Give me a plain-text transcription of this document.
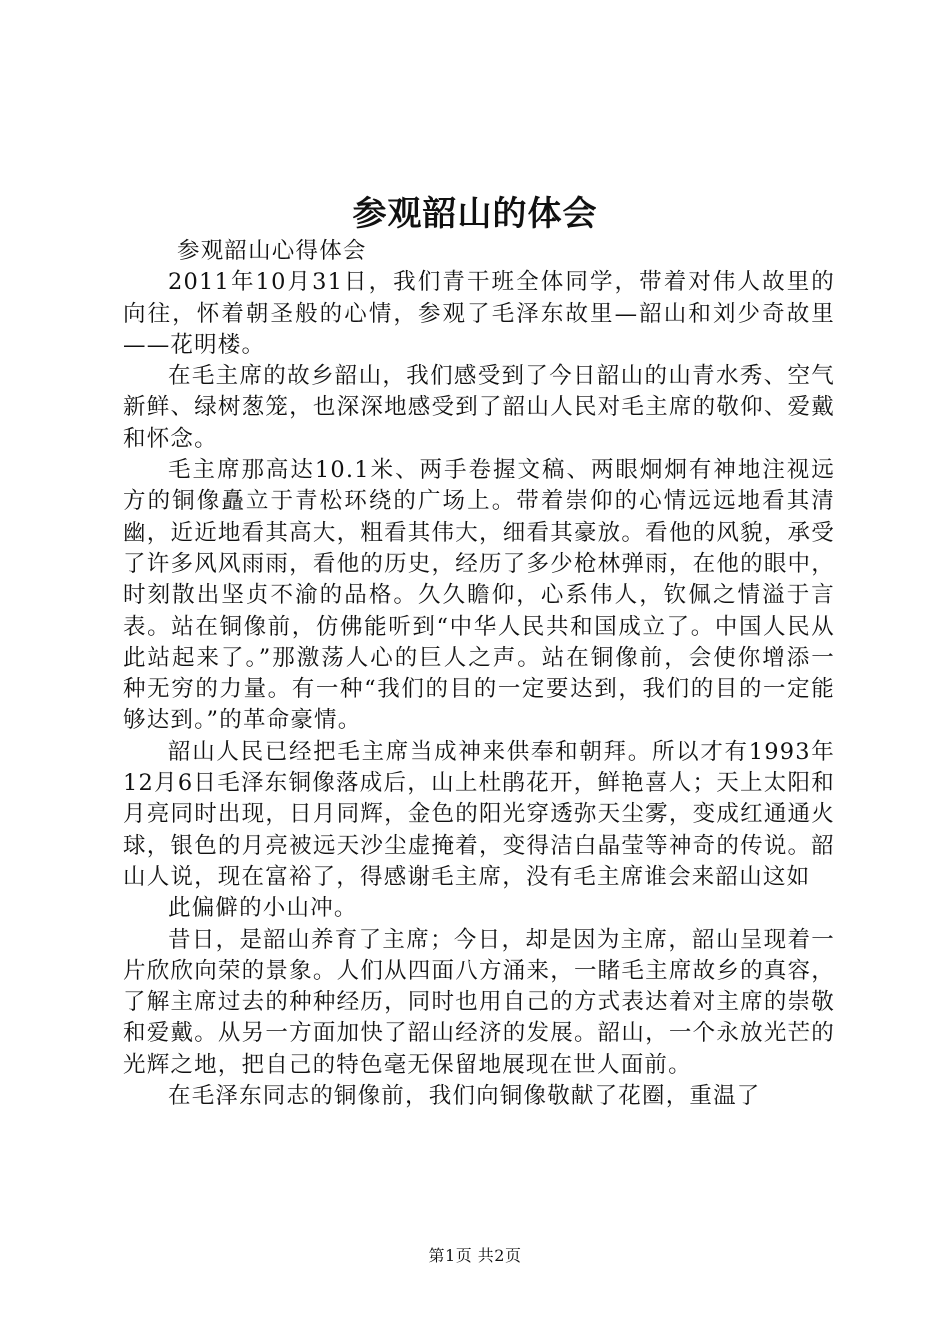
参观韶山的体会

参观韶山心得体会

2011年10月31日，我们青干班全体同学，带着对伟人故里的向往，怀着朝圣般的心情，参观了毛泽东故里—韶山和刘少奇故里——花明楼。

在毛主席的故乡韶山，我们感受到了今日韶山的山青水秀、空气新鲜、绿树葱笼，也深深地感受到了韶山人民对毛主席的敬仰、爱戴和怀念。

毛主席那高达10.1米、两手卷握文稿、两眼炯炯有神地注视远方的铜像矗立于青松环绕的广场上。带着崇仰的心情远远地看其清幽，近近地看其高大，粗看其伟大，细看其豪放。看他的风貌，承受了许多风风雨雨，看他的历史，经历了多少枪林弹雨，在他的眼中，时刻散出坚贞不渝的品格。久久瞻仰，心系伟人，钦佩之情溢于言表。站在铜像前，仿佛能听到“中华人民共和国成立了。中国人民从此站起来了。”那激荡人心的巨人之声。站在铜像前，会使你增添一种无穷的力量。有一种“我们的目的一定要达到，我们的目的一定能够达到。”的革命豪情。

韶山人民已经把毛主席当成神来供奉和朝拜。所以才有1993年12月6日毛泽东铜像落成后，山上杜鹃花开，鲜艳喜人；天上太阳和月亮同时出现，日月同辉，金色的阳光穿透弥天尘雾，变成红通通火球，银色的月亮被远天沙尘虚掩着，变得洁白晶莹等神奇的传说。韶山人说，现在富裕了，得感谢毛主席，没有毛主席谁会来韶山这如

此偏僻的小山冲。

昔日，是韶山养育了主席；今日，却是因为主席，韶山呈现着一片欣欣向荣的景象。人们从四面八方涌来，一睹毛主席故乡的真容，了解主席过去的种种经历，同时也用自己的方式表达着对主席的崇敬和爱戴。从另一方面加快了韶山经济的发展。韶山，一个永放光芒的光辉之地，把自己的特色毫无保留地展现在世人面前。

在毛泽东同志的铜像前，我们向铜像敬献了花圈，重温了

第1页 共2页
